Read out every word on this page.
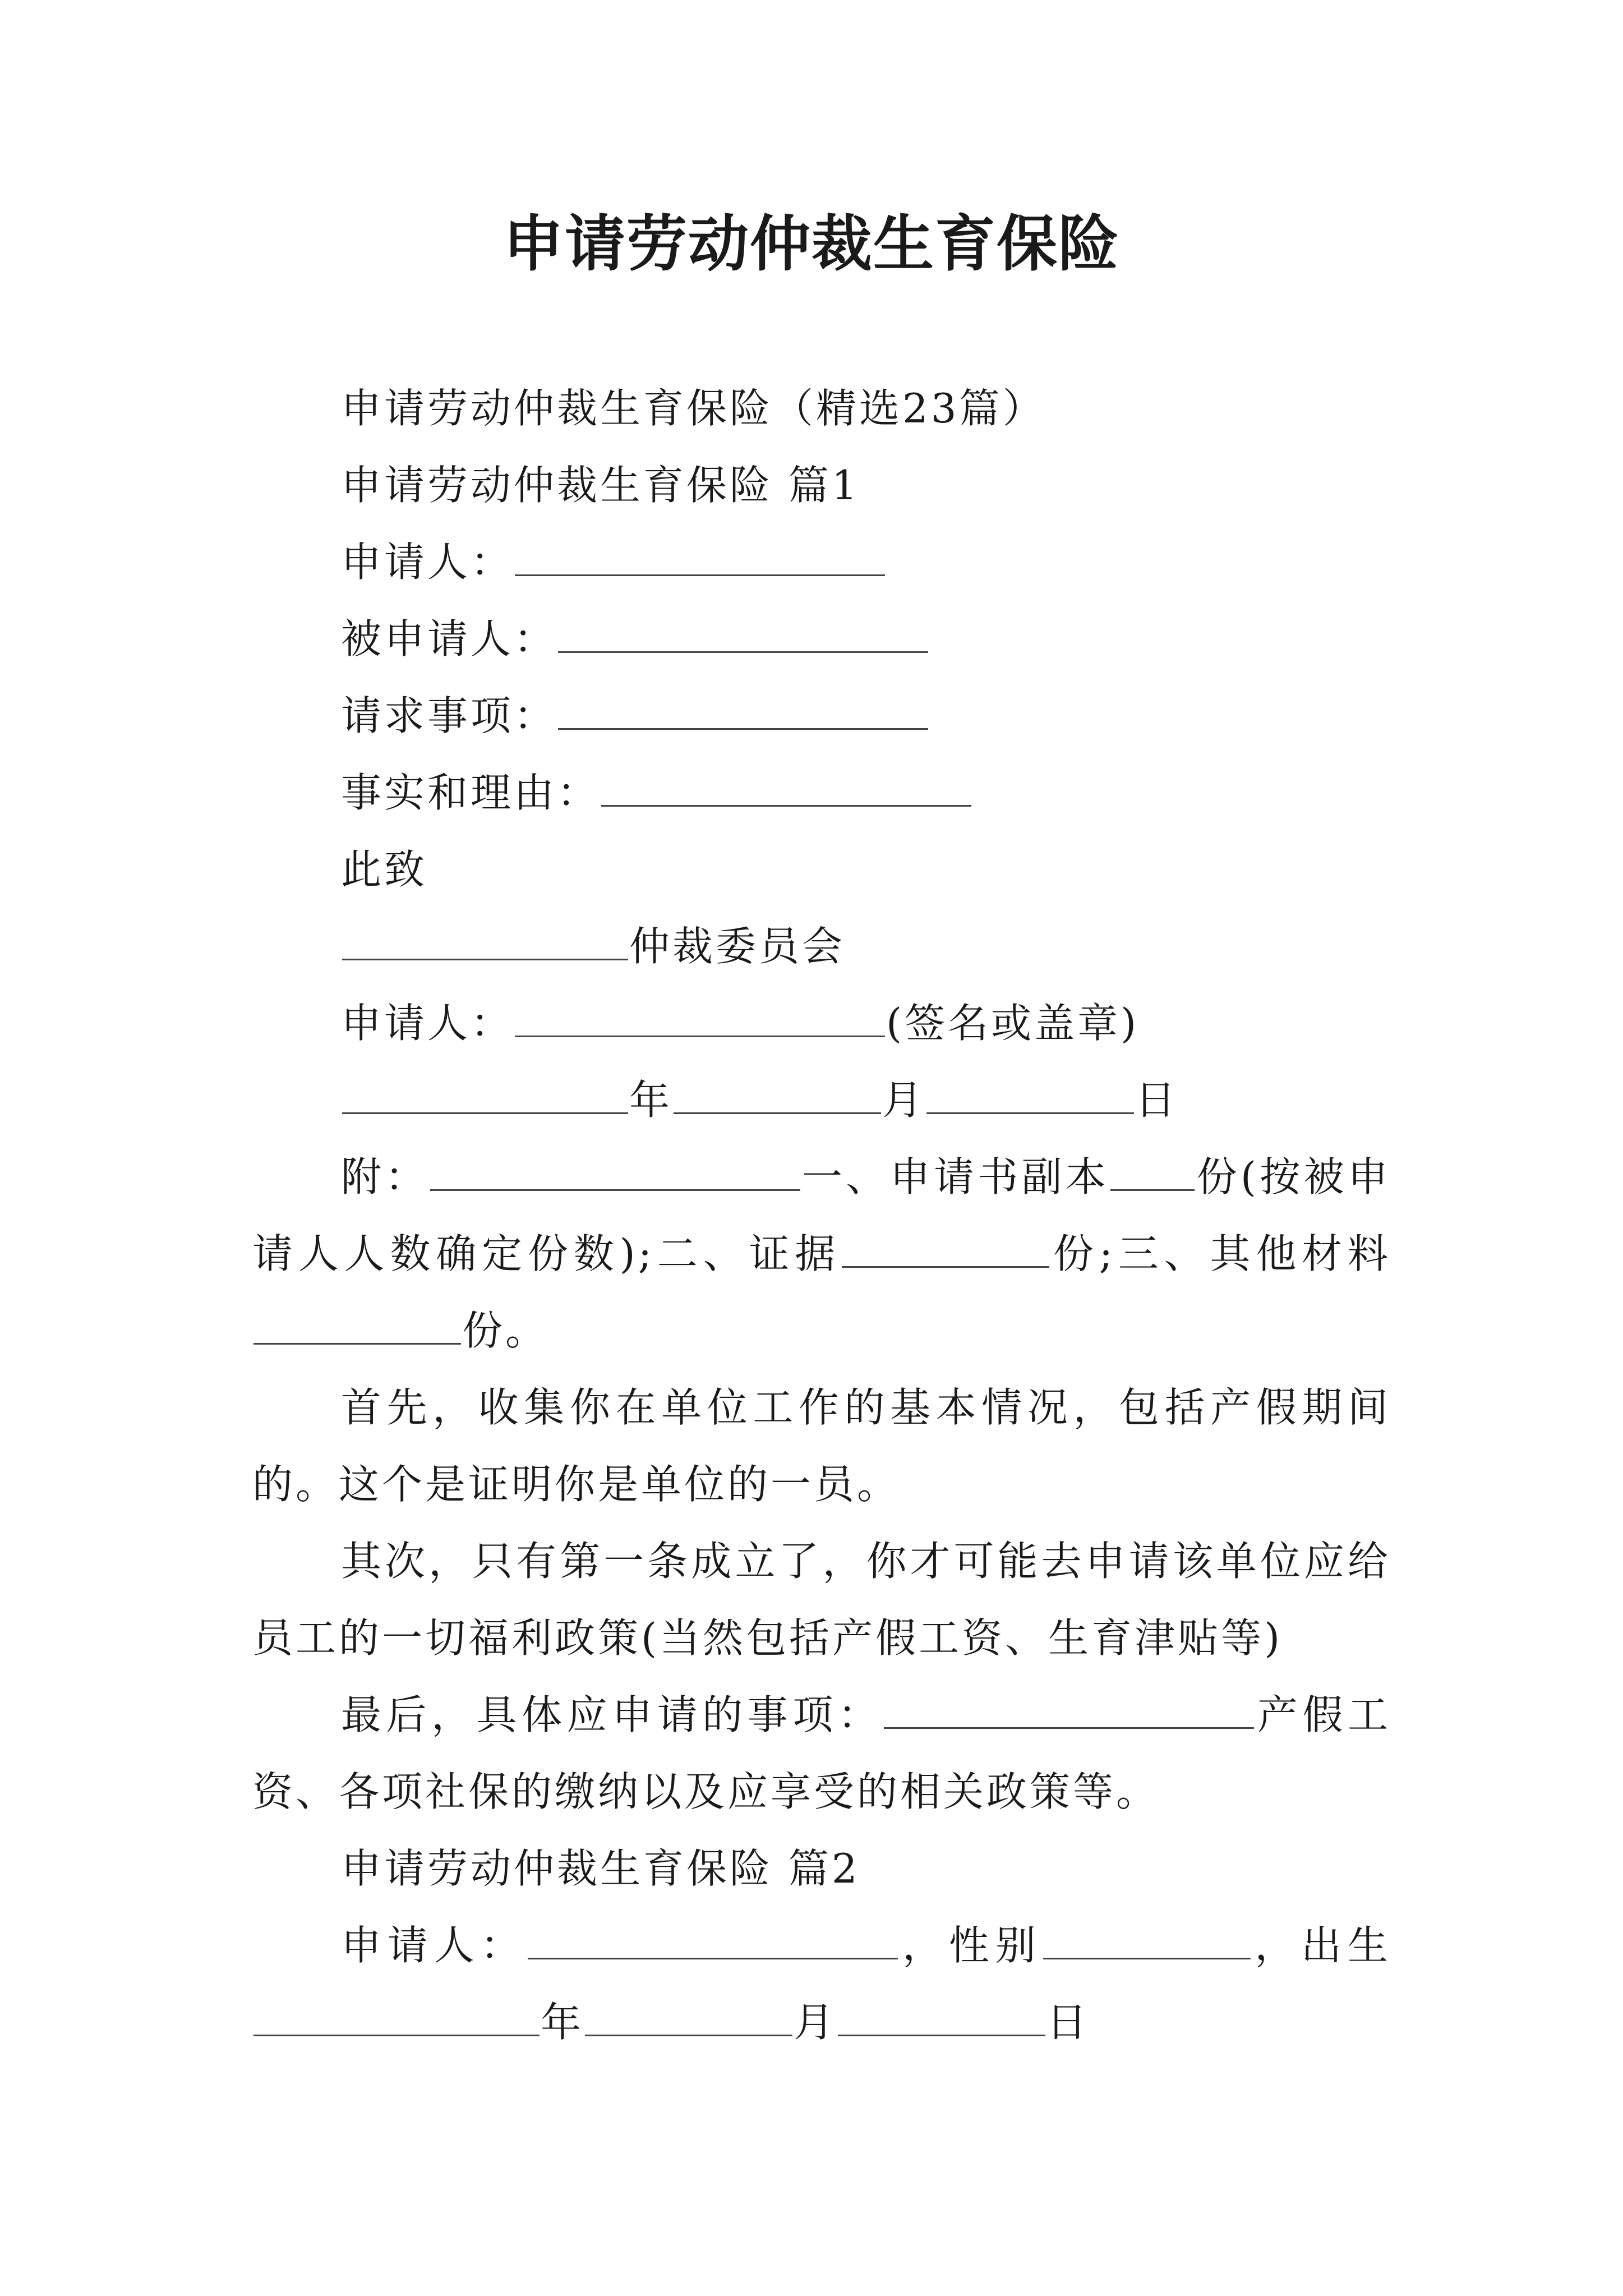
申请劳动仲裁生育保险
申请劳动仲裁生育保险（精选23篇）
申请劳动仲裁生育保险 篇1
申请人：
被申请人：
请求事项：
事实和理由：
此致
仲裁委员会
申请人：	(签名或盖章)
年	月	日
附：	一、申请书副本 份(按被申请人人数确定份数);二、证据	份;三、其他材料份。
首先，收集你在单位工作的基本情况，包括产假期间的。这个是证明你是单位的一员。
其次，只有第一条成立了，你才可能去申请该单位应给员工的一切福利政策(当然包括产假工资、生育津贴等)
最后，具体应申请的事项：	产假工资、各项社保的缴纳以及应享受的相关政策等。
申请劳动仲裁生育保险 篇2
申请人：	，性别	，出生年	月	日
